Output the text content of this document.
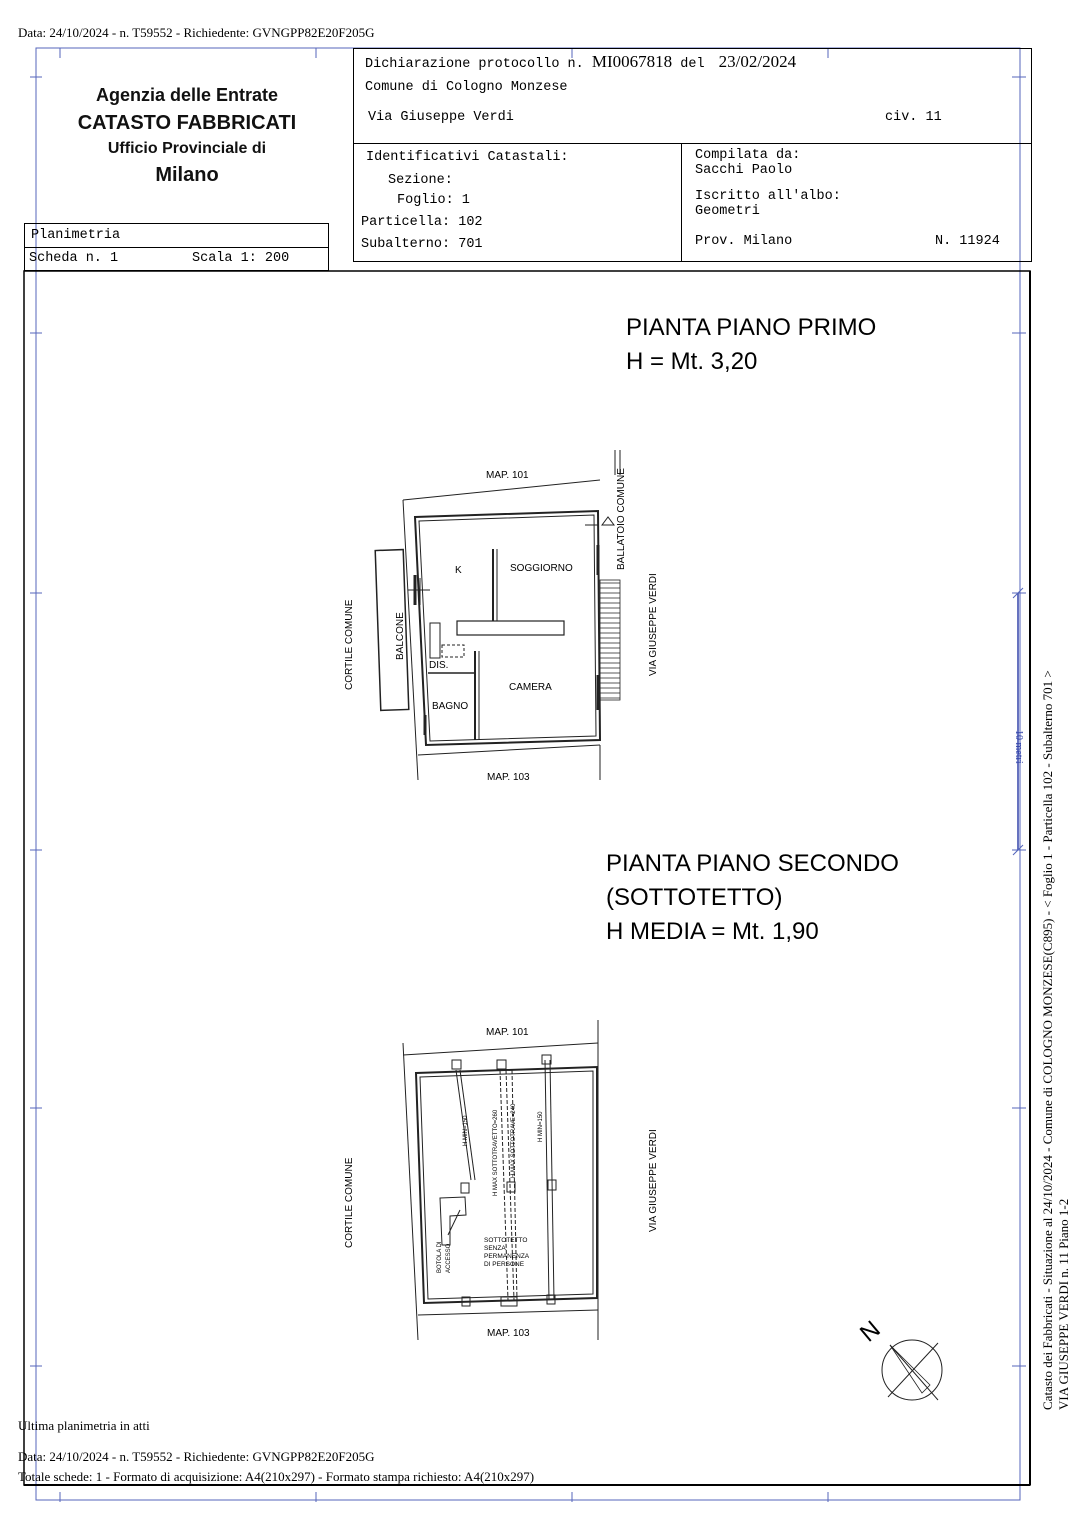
Data: 24/10/2024 - n. T59552 - Richiedente: GVNGPP82E20F205G
Agenzia delle Entrate
CATASTO FABBRICATI
Ufficio Provinciale di
Milano
Dichiarazione protocollo n. MI0067818 del 23/02/2024
Comune di Cologno Monzese
Via Giuseppe Verdi	civ. 11
Identificativi Catastali:
Sezione:
Foglio: 1
Particella: 102
Subalterno: 701
Compilata da:
Sacchi Paolo
Iscritto all'albo:
Geometri
Prov. Milano	N. 11924
Planimetria
Scheda n. 1	Scala 1: 200
PIANTA PIANO PRIMO
H = Mt. 3,20
MAP. 101
MAP. 103
K	SOGGIORNO
DIS.
CAMERA
BAGNO
BALLATOIO COMUNE
VIA GIUSEPPE VERDI
CORTILE COMUNE	BALCONE
PIANTA PIANO SECONDO
(SOTTOTETTO)
H MEDIA = Mt. 1,90
MAP. 101
MAP. 103
VIA GIUSEPPE VERDI
CORTILE COMUNE
H MIN=150	H MAX SOTTOTRAVETTO=260 H MAX SOTTOTRAVE=240	H MIN=150
BOTOLA DI ACCESSO
SOTTOTETTO
SENZA
PERMANENZA
DI PERSONE
N	Catasto dei Fabbricati - Situazione al 24/10/2024 - Comune di COLOGNO MONZESE(C895) - < Foglio 1 - Particella 102 - Subalterno 701 > VIA GIUSEPPE VERDI n. 11 Piano 1-2
10 metri
Ultima planimetria in atti
Data: 24/10/2024 - n. T59552 - Richiedente: GVNGPP82E20F205G
Totale schede: 1 - Formato di acquisizione: A4(210x297) - Formato stampa richiesto: A4(210x297)
